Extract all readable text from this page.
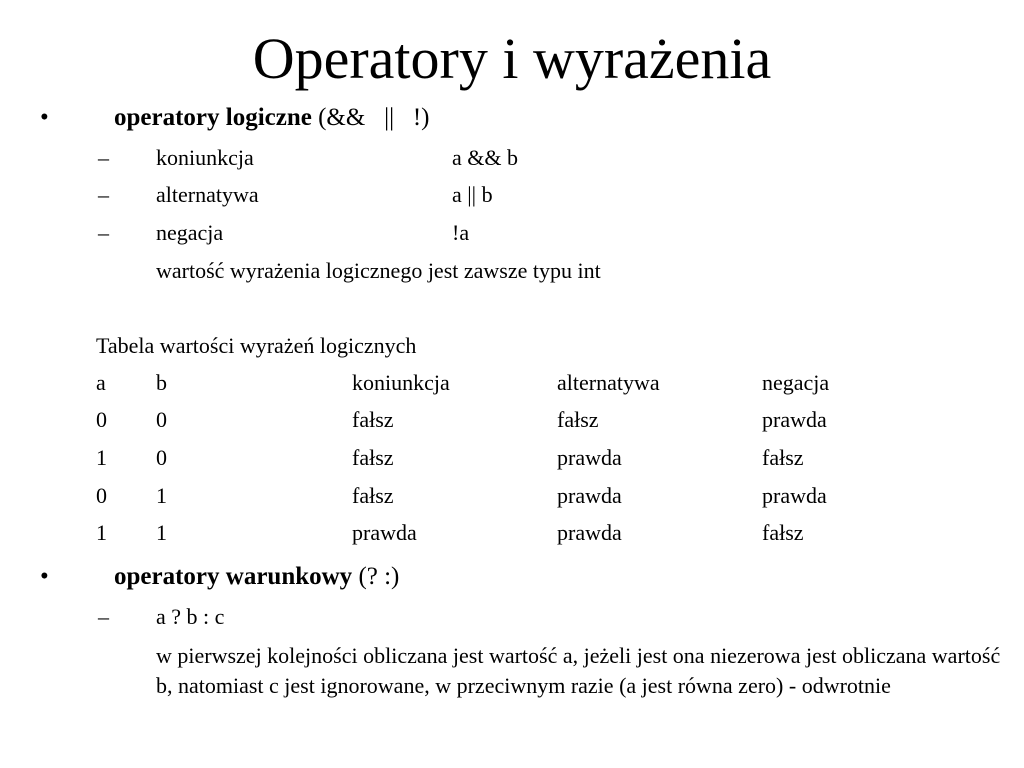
Operatory i wyrażenia
•	operatory logiczne (&&   ||   !)
– koniunkcja	a && b
– alternatywa	a || b
– negacja	!a
wartość wyrażenia logicznego jest zawsze typu int
Tabela wartości wyrażeń logicznych
a b	koniunkcja	alternatywa	negacja
0 0	fałsz	fałsz	prawda
1 0	fałsz	prawda	fałsz
0 1	fałsz	prawda	prawda
1 1	prawda	prawda	fałsz
•	operatory warunkowy (? :)
– a ? b : c
w pierwszej kolejności obliczana jest wartość a, jeżeli jest ona niezerowa jest obliczana wartość b, natomiast c jest ignorowane, w przeciwnym razie (a jest równa zero) - odwrotnie
